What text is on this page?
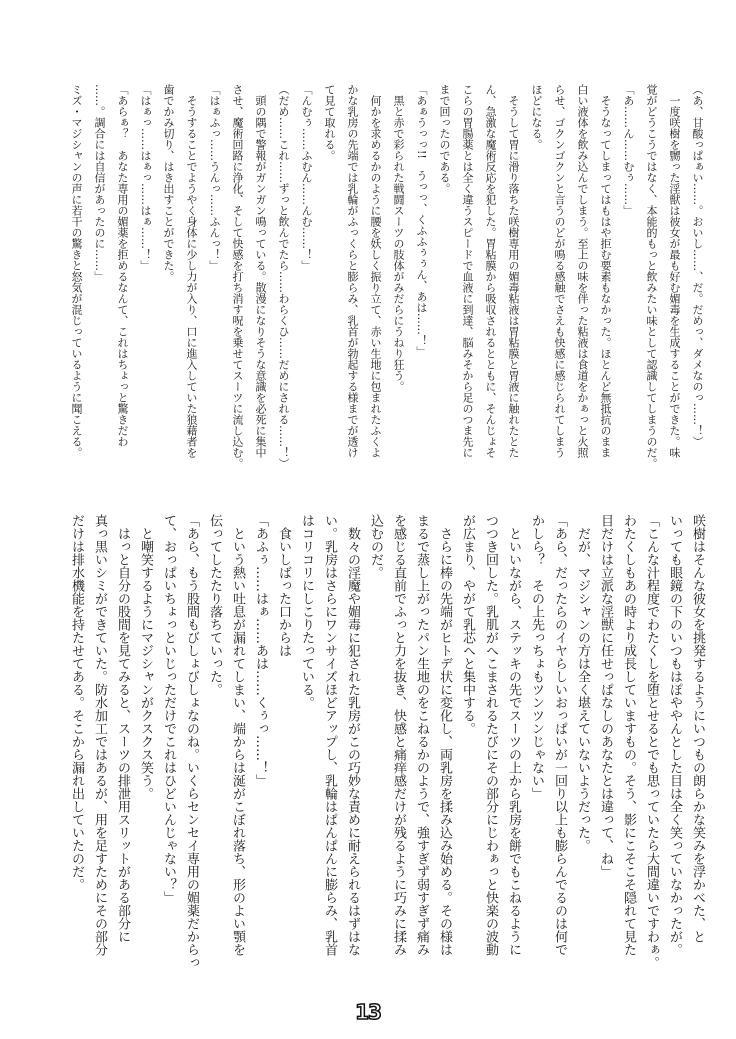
（あ、甘酸っぱぁい……。おいし……、だ。だめっ、ダメなのっ……！）
　一度咲樹を嬲った淫獣は彼女が最も好む媚毒を生成することができた。味
覚がどうこうではなく、本能的もっと飲みたい味として認識してしまうのだ。
「あ……ん……むぅ……」
　そうなってしまってはもはや拒む要素もなかった。ほとんど無抵抗のまま
白い液体を飲み込んでしまう。至上の味を伴った粘液は食道をかぁっと火照
らせ、ゴクンゴクンと言うのどが鳴る感触でさえも快感に感じられてしまう
ほどになる。
　そうして胃に滑り落ちた咲樹専用の媚毒粘液は胃粘膜と胃液に触れたとた
ん、急激な魔術反応を犯した。胃粘膜から吸収されるとともに、そんじょそ
こらの胃腸薬とは全く違うスピードで血液に到達、脳みそから足のつま先に
まで回ったのである。
「あぁうっっ!!　うっっ、くふふぅぅん、あは……！」
　黒と赤で彩られた戦闘スーツの肢体がみだらにうねり狂う。
　何かを求めるかのように腰を妖しく振り立て、赤い生地に包まれたふくよ
かな乳房の先端では乳輪がふっくらと膨らみ、乳首が勃起する様までが透け
て見て取れる。
「んむぅ……ふむん……んむ……！」
（だめ……これ……ずっと飲んでたら……わらくひ……だめにされる……！）
　頭の隅で警報がガンガン鳴っている。散漫になりそうな意識を必死に集中
させ、魔術回路に浄化、そして快感を打ち消す呪を乗せてスーツに流し込む。
「はぁふっ……うんっ……ふんっ！」
　そうすることでようやく身体に少し力が入り、口に進入していた狼藉者を
歯でかみ切り、はき出すことができた。
「はぁっ……はぁっ……はぁ……！」
「あらぁ？　あなた専用の媚薬を拒めるなんて、これはちょっと驚きだわ
……。調合には自信があったのに……」
ミズ・マジシャンの声に若干の驚きと怒気が混じっているように聞こえる。
咲樹はそんな彼女を挑発するようにいつもの朗らかな笑みを浮かべた、と
いっても眼鏡の下のいつもはぽややんとした目は全く笑っていなかったが。
「こんな汁程度でわたくしを堕とせるとでも思っていたら大間違いですわぁ。
わたくしもあの時より成長していますもの。そう、影にこそこそ隠れて見た
目だけは立派な淫獣に任せっぱなしのあなたとは違って、ね」
　だが、マジシャンの方は全く堪えていないようだった。
「あら、だったらのイヤらしいおっぱいが一回り以上も膨らんでるのは何で
かしら？　その上先っちょもツンツンじゃない」
　といいながら、ステッキの先でスーツの上から乳房を餅でもこねるように
つつき回した。乳肌がへこまされるたびにその部分にじわぁっと快楽の波動
が広まり、やがて乳芯へと集中する。
　さらに棒の先端がヒトデ状に変化し、両乳房を揉み込み始める。その様は
まるで蒸し上がったパン生地のをこねるかのようで、強すぎず弱すぎず痛み
を感じる直前でふっと力を抜き、快感と痛痒感だけが残るように巧みに揉み
込むのだ。
　数々の淫魔や媚毒に犯された乳房がこの巧妙な責めに耐えられるはずはな
い。乳房はさらにワンサイズほどアップし、乳輪はぱんぱんに膨らみ、乳首
はコリコリにしこりたっている。
　食いしばった口からは
「あふぅ……はぁ……あは……くぅっ……！」
　という熱い吐息が漏れてしまい、端からは涎がこぼれ落ち、形のよい顎を
伝ってしたたり落ちていった。
「あら、もう股間もびしょびしょなのね。いくらセンセイ専用の媚薬だからっ
て、おっぱいちょっといじっただけでこれはひどいんじゃない？」
　と嘲笑するようにマジシャンがクスクス笑う。
　はっと自分の股間を見てみると、スーツの排泄用スリットがある部分に
真っ黒いシミができていた。防水加工ではあるが、用を足すためにその部分
だけは排水機能を持たせてある。そこから漏れ出していたのだ。
13
